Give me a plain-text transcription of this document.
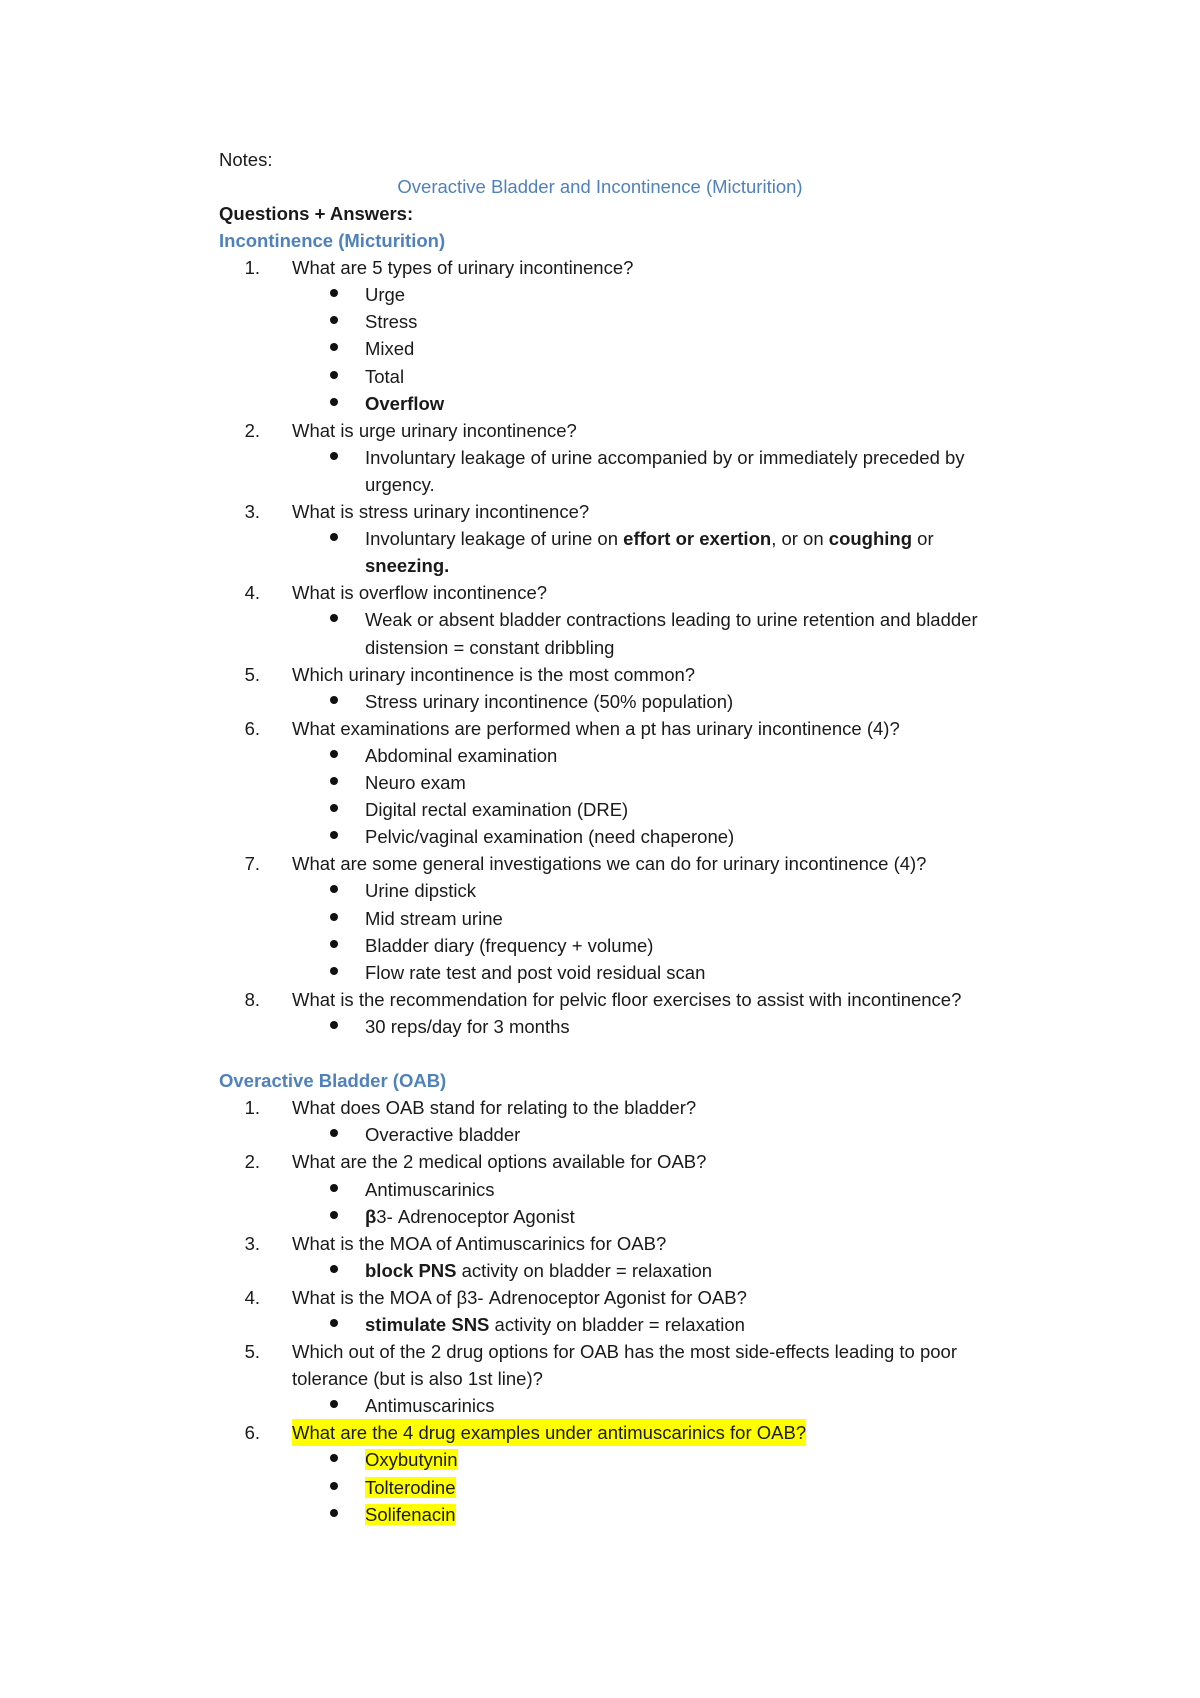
Notes:
Overactive Bladder and Incontinence (Micturition)
Questions + Answers:
Incontinence (Micturition)
1. What are 5 types of urinary incontinence?
Urge
Stress
Mixed
Total
Overflow
2. What is urge urinary incontinence?
Involuntary leakage of urine accompanied by or immediately preceded by
urgency.
3. What is stress urinary incontinence?
Involuntary leakage of urine on effort or exertion, or on coughing or
sneezing.
4. What is overflow incontinence?
Weak or absent bladder contractions leading to urine retention and bladder
distension = constant dribbling
5. Which urinary incontinence is the most common?
Stress urinary incontinence (50% population)
6. What examinations are performed when a pt has urinary incontinence (4)?
Abdominal examination
Neuro exam
Digital rectal examination (DRE)
Pelvic/vaginal examination (need chaperone)
7. What are some general investigations we can do for urinary incontinence (4)?
Urine dipstick
Mid stream urine
Bladder diary (frequency + volume)
Flow rate test and post void residual scan
8. What is the recommendation for pelvic floor exercises to assist with incontinence?
30 reps/day for 3 months
Overactive Bladder (OAB)
1. What does OAB stand for relating to the bladder?
Overactive bladder
2. What are the 2 medical options available for OAB?
Antimuscarinics
β3- Adrenoceptor Agonist
3. What is the MOA of Antimuscarinics for OAB?
block PNS activity on bladder = relaxation
4. What is the MOA of β3- Adrenoceptor Agonist for OAB?
stimulate SNS activity on bladder = relaxation
5. Which out of the 2 drug options for OAB has the most side-effects leading to poor
tolerance (but is also 1st line)?
Antimuscarinics
6. What are the 4 drug examples under antimuscarinics for OAB?
Oxybutynin
Tolterodine
Solifenacin
